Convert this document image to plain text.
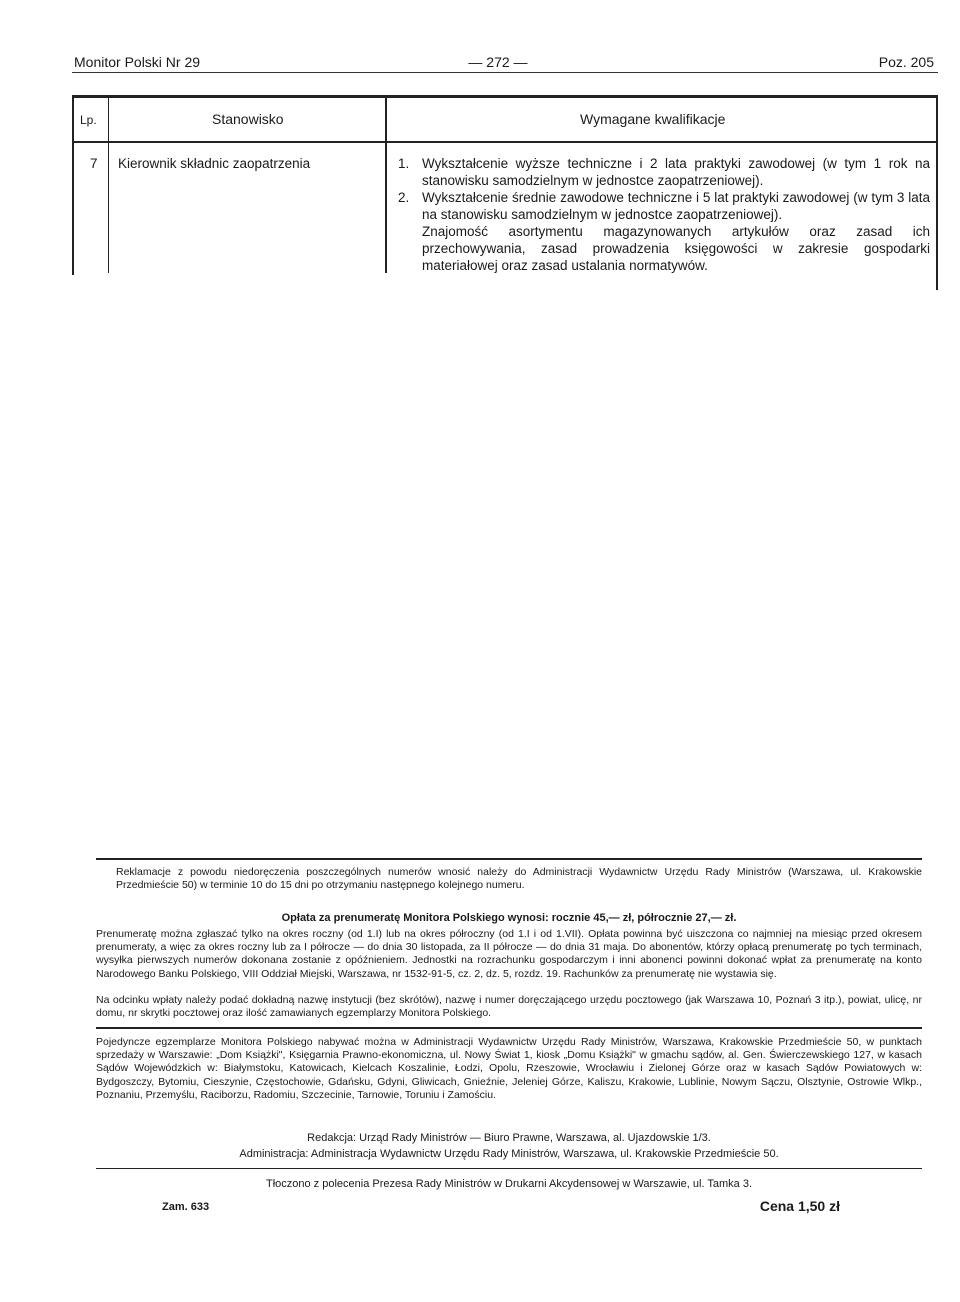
Monitor Polski Nr 29	— 272 —	Poz. 205
Lp.	Stanowisko	Wymagane kwalifikacje
7 Kierownik składnic zaopatrzenia	1. Wykształcenie wyższe techniczne i 2 lata praktyki zawodowej (w tym 1 rok na stanowisku samodzielnym w jednostce zaopatrzeniowej).
2. Wykształcenie średnie zawodowe techniczne i 5 lat praktyki zawodowej (w tym 3 lata na stanowisku samodzielnym w jednostce zaopatrzeniowej).
Znajomość asortymentu magazynowanych artykułów oraz zasad ich przechowywania, zasad prowadzenia księgowości w zakresie gospodarki materiałowej oraz zasad ustalania normatywów.
Reklamacje z powodu niedoręczenia poszczególnych numerów wnosić należy do Administracji Wydawnictw Urzędu Rady Ministrów (Warszawa, ul. Krakowskie Przedmieście 50) w terminie 10 do 15 dni po otrzymaniu następnego kolejnego numeru.
Opłata za prenumeratę Monitora Polskiego wynosi: rocznie 45,— zł, półrocznie 27,— zł.
Prenumeratę można zgłaszać tylko na okres roczny (od 1.I) lub na okres półroczny (od 1.I i od 1.VII). Opłata powinna być uiszczona co najmniej na miesiąc przed okresem prenumeraty, a więc za okres roczny lub za I półrocze — do dnia 30 listopada, za II półrocze — do dnia 31 maja. Do abonentów, którzy opłacą prenumeratę po tych terminach, wysyłka pierwszych numerów dokonana zostanie z opóźnieniem. Jednostki na rozrachunku gospodarczym i inni abonenci powinni dokonać wpłat za prenumeratę na konto Narodowego Banku Polskiego, VIII Oddział Miejski, Warszawa, nr 1532-91-5, cz. 2, dz. 5, rozdz. 19. Rachunków za prenumeratę nie wystawia się.
Na odcinku wpłaty należy podać dokładną nazwę instytucji (bez skrótów), nazwę i numer doręczającego urzędu pocztowego (jak Warszawa 10, Poznań 3 itp.), powiat, ulicę, nr domu, nr skrytki pocztowej oraz ilość zamawianych egzemplarzy Monitora Polskiego.
Pojedyncze egzemplarze Monitora Polskiego nabywać można w Administracji Wydawnictw Urzędu Rady Ministrów, Warszawa, Krakowskie Przedmieście 50, w punktach sprzedaży w Warszawie: „Dom Książki", Księgarnia Prawno-ekonomiczna, ul. Nowy Świat 1, kiosk „Domu Książki" w gmachu sądów, al. Gen. Świerczewskiego 127, w kasach Sądów Wojewódzkich w: Białymstoku, Katowicach, Kielcach Koszalinie, Łodzi, Opolu, Rzeszowie, Wrocławiu i Zielonej Górze oraz w kasach Sądów Powiatowych w: Bydgoszczy, Bytomiu, Cieszynie, Częstochowie, Gdańsku, Gdyni, Gliwicach, Gnieźnie, Jeleniej Górze, Kaliszu, Krakowie, Lublinie, Nowym Sączu, Olsztynie, Ostrowie Wlkp., Poznaniu, Przemyślu, Raciborzu, Radomiu, Szczecinie, Tarnowie, Toruniu i Zamościu.
Redakcja: Urząd Rady Ministrów — Biuro Prawne, Warszawa, al. Ujazdowskie 1/3.
Administracja: Administracja Wydawnictw Urzędu Rady Ministrów, Warszawa, ul. Krakowskie Przedmieście 50.
Tłoczono z polecenia Prezesa Rady Ministrów w Drukarni Akcydensowej w Warszawie, ul. Tamka 3.
Zam. 633	Cena 1,50 zł
